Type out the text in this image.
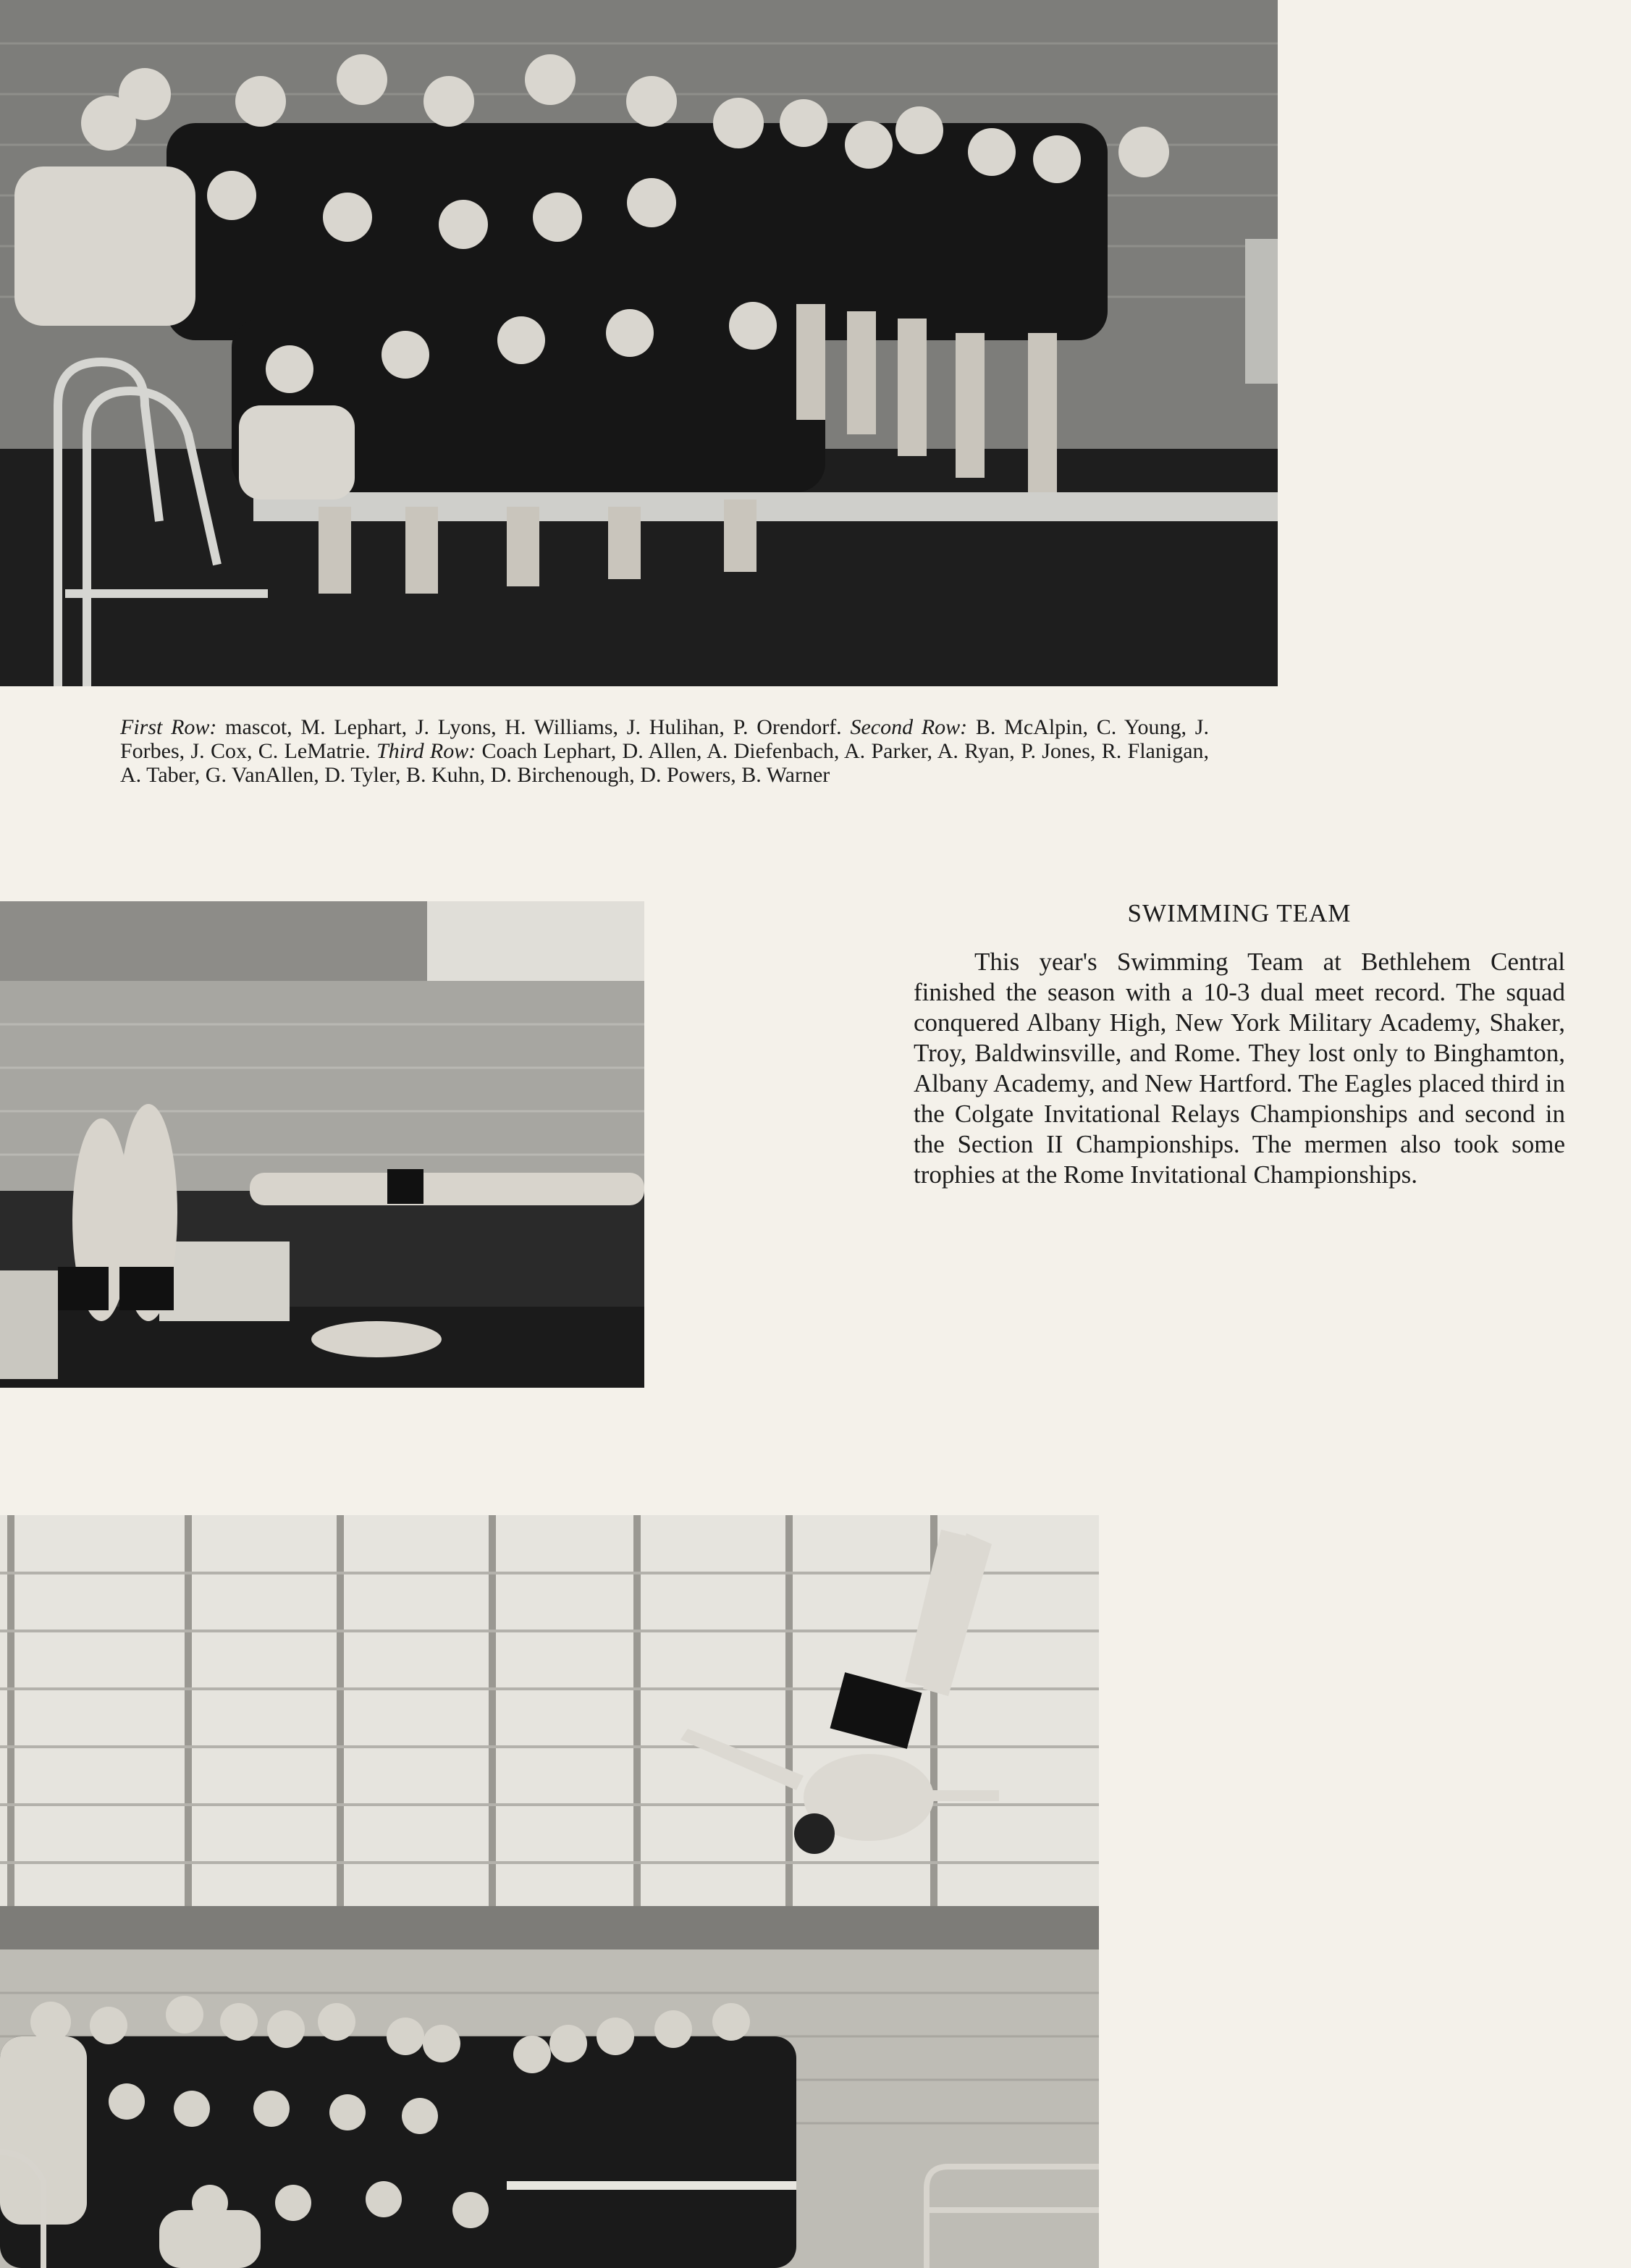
First Row: mascot, M. Lephart, J. Lyons, H. Williams, J. Hulihan, P. Orendorf. Second Row: B. McAlpin, C. Young, J. Forbes, J. Cox, C. LeMatrie. Third Row: Coach Lephart, D. Allen, A. Diefenbach, A. Parker, A. Ryan, P. Jones, R. Flanigan, A. Taber, G. VanAllen, D. Tyler, B. Kuhn, D. Birchenough, D. Powers, B. Warner
SWIMMING TEAM

This year's Swimming Team at Bethlehem Central finished the season with a 10-3 dual meet record. The squad conquered Albany High, New York Military Academy, Shaker, Troy, Baldwinsville, and Rome. They lost only to Binghamton, Albany Academy, and New Hartford. The Eagles placed third in the Colgate Invitational Relays Championships and second in the Section II Championships. The mermen also took some trophies at the Rome Invitational Championships.
